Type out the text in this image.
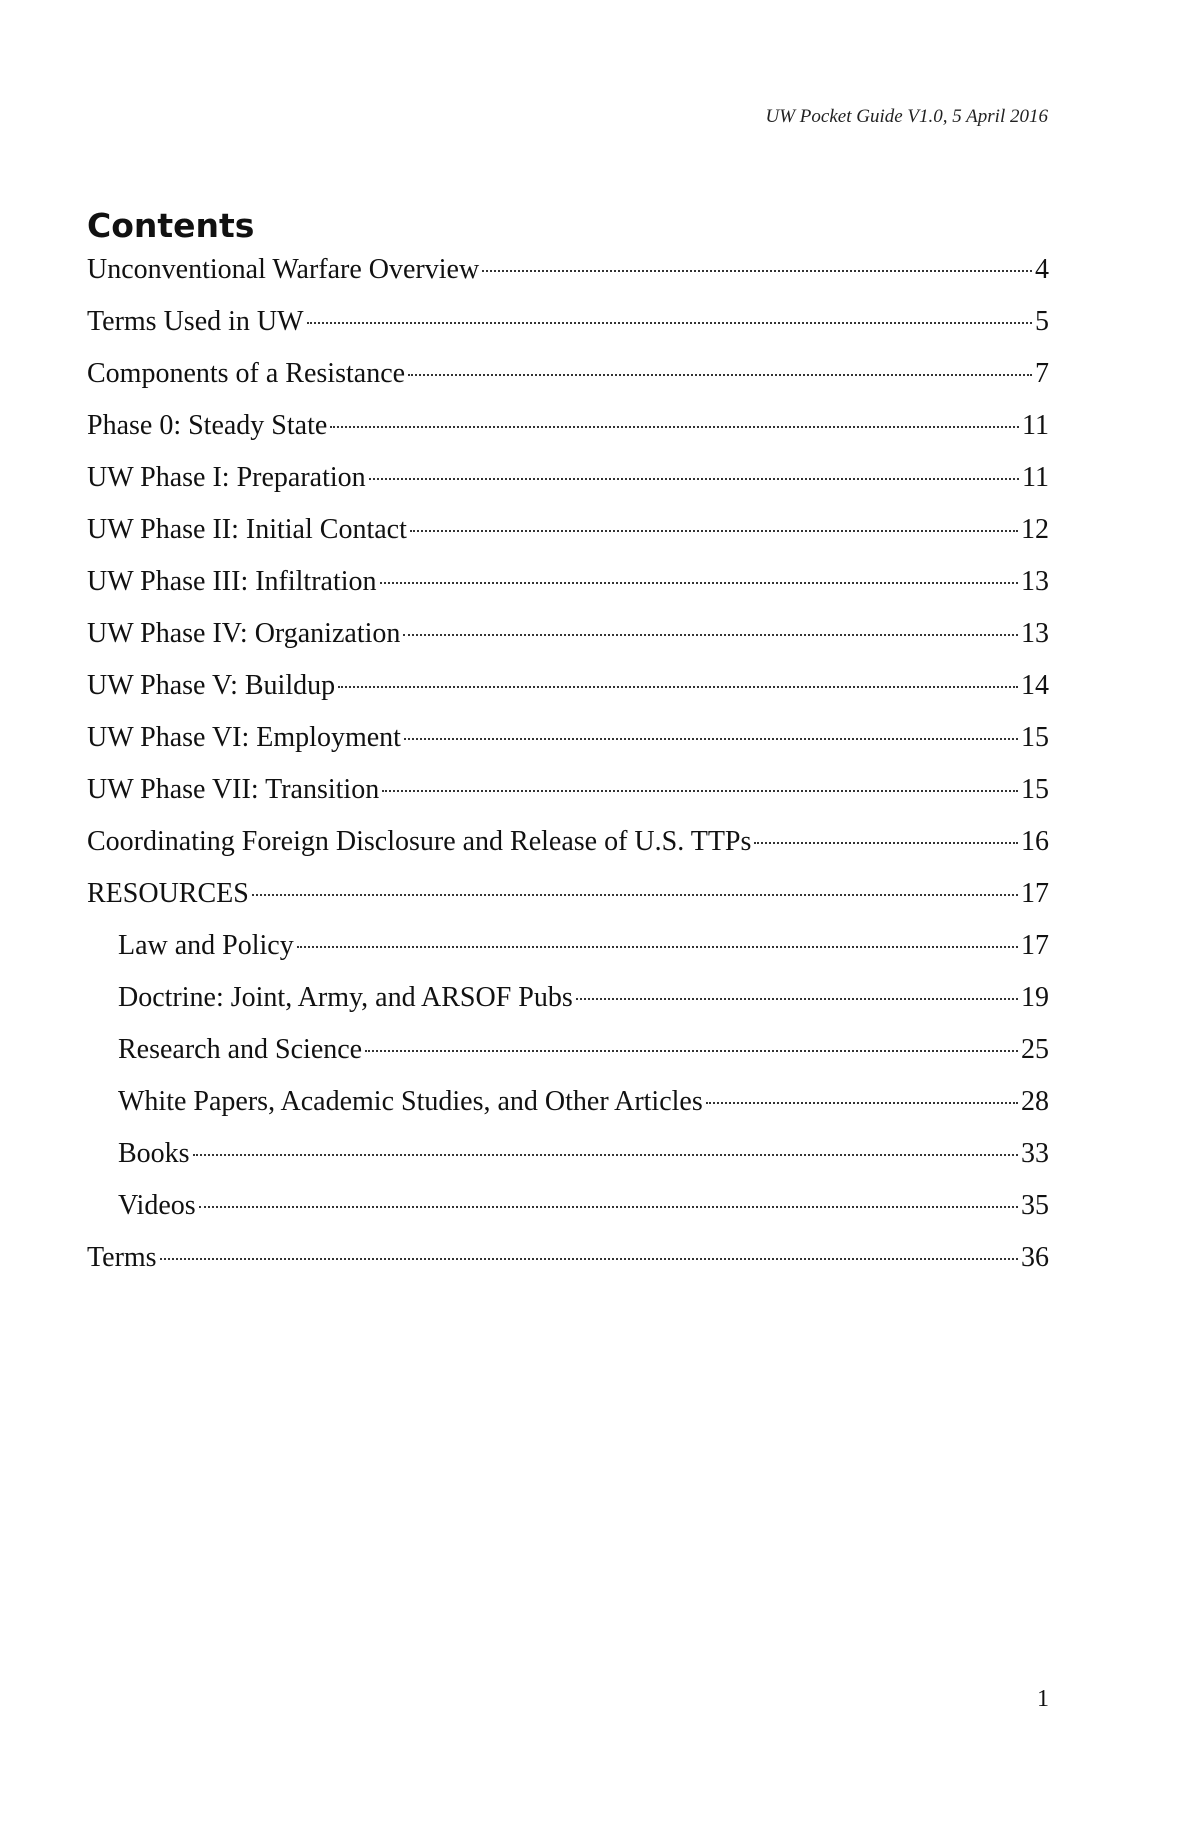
UW Pocket Guide V1.0, 5 April 2016
Contents
Unconventional Warfare Overview	4
Terms Used in UW	5
Components of a Resistance	7
Phase 0: Steady State	11
UW Phase I: Preparation	11
UW Phase II: Initial Contact	12
UW Phase III: Infiltration	13
UW Phase IV: Organization	13
UW Phase V: Buildup	14
UW Phase VI: Employment	15
UW Phase VII: Transition	15
Coordinating Foreign Disclosure and Release of U.S. TTPs	16
RESOURCES	17
Law and Policy	17
Doctrine: Joint, Army, and ARSOF Pubs	19
Research and Science	25
White Papers, Academic Studies, and Other Articles	28
Books	33
Videos	35
Terms	36
1
